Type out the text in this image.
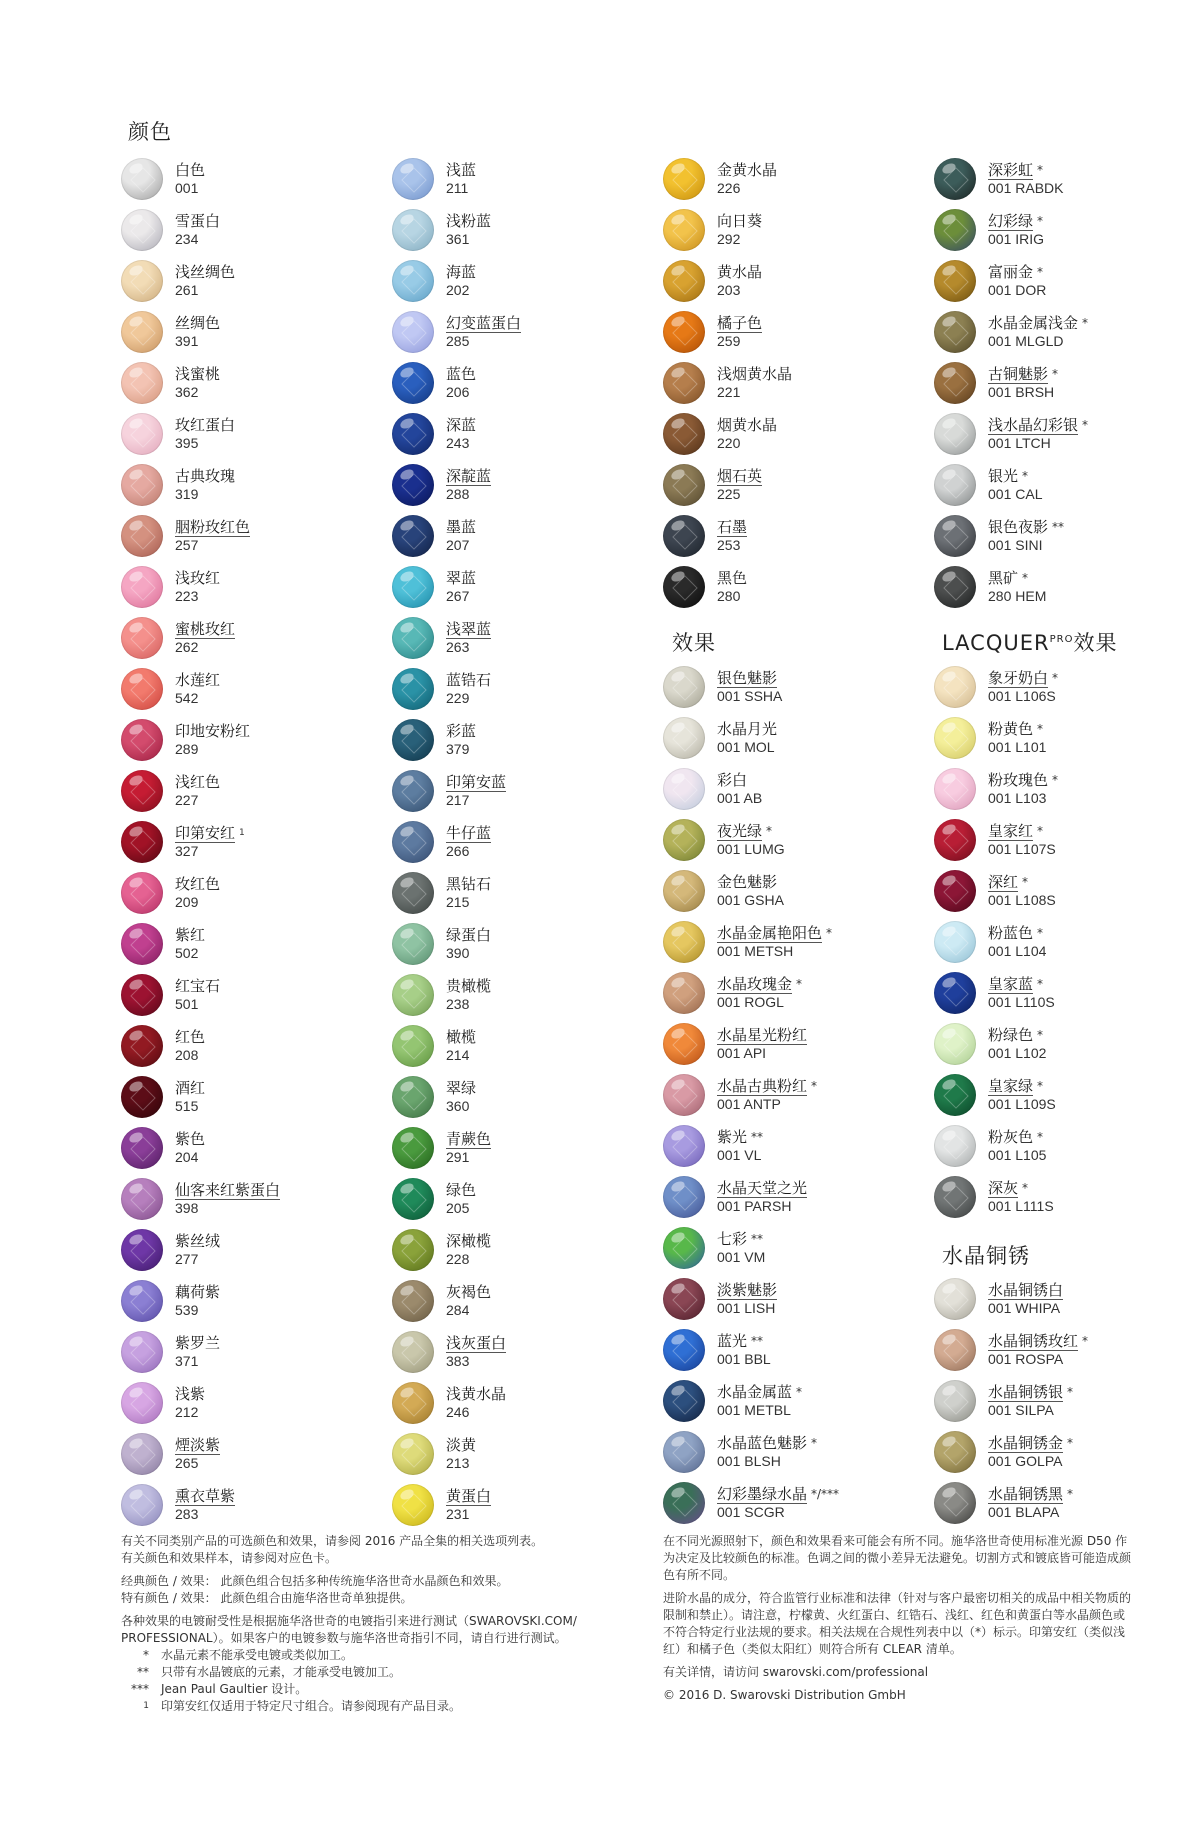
颜色
效果	$LACQUER^{PRO}$效果
水晶铜锈
白色
001
雪蛋白
234
浅丝绸色
261
丝绸色
391
浅蜜桃
362
玫红蛋白
395
古典玫瑰
319
胭粉玫红色
257
浅玫红
223
蜜桃玫红
262
水莲红
542
印地安粉红
289
浅红色
227
印第安红 $^1$
327
玫红色
209
紫红
502
红宝石
501
红色
208
酒红
515
紫色
204
仙客来红紫蛋白
398
紫丝绒
277
藕荷紫
539
紫罗兰
371
浅紫
212
煙淡紫
265
熏衣草紫
283
浅蓝
211
浅粉蓝
361
海蓝
202
幻变蓝蛋白
285
蓝色
206
深蓝
243
深靛蓝
288
墨蓝
207
翠蓝
267
浅翠蓝
263
蓝锆石
229
彩蓝
379
印第安蓝
217
牛仔蓝
266
黑钻石
215
绿蛋白
390
贵橄榄
238
橄榄
214
翠绿
360
青蕨色
291
绿色
205
深橄榄
228
灰褐色
284
浅灰蛋白
383
浅黄水晶
246
淡黄
213
黄蛋白
231
金黄水晶
226
向日葵
292
黄水晶
203
橘子色
259
浅烟黄水晶
221
烟黄水晶
220
烟石英
225
石墨
253
黑色
280
银色魅影
001 SSHA
水晶月光
001 MOL
彩白
001 AB
夜光绿 *
001 LUMG
金色魅影
001 GSHA
水晶金属艳阳色 *
001 METSH
水晶玫瑰金 *
001 ROGL
水晶星光粉红
001 API
水晶古典粉红 *
001 ANTP
紫光 **
001 VL
水晶天堂之光
001 PARSH
七彩 **
001 VM
淡紫魅影
001 LISH
蓝光 **
001 BBL
水晶金属蓝 *
001 METBL
水晶蓝色魅影 *
001 BLSH
幻彩墨绿水晶 */***
001 SCGR
深彩虹 *
001 RABDK
幻彩绿 *
001 IRIG
富丽金 *
001 DOR
水晶金属浅金 *
001 MLGLD
古铜魅影 *
001 BRSH
浅水晶幻彩银 *
001 LTCH
银光 *
001 CAL
银色夜影 **
001 SINI
黑矿 *
280 HEM
象牙奶白 *
001 L106S
粉黄色 *
001 L101
粉玫瑰色 *
001 L103
皇家红 *
001 L107S
深红 *
001 L108S
粉蓝色 *
001 L104
皇家蓝 *
001 L110S
粉绿色 *
001 L102
皇家绿 *
001 L109S
粉灰色 *
001 L105
深灰 *
001 L111S
水晶铜锈白
001 WHIPA
水晶铜锈玫红 *
001 ROSPA
水晶铜锈银 *
001 SILPA
水晶铜锈金 *
001 GOLPA
水晶铜锈黑 *
001 BLAPA

有关不同类别产品的可选颜色和效果，请参阅 2016 产品全集的相关选项列表。

有关颜色和效果样本，请参阅对应色卡。

经典颜色 / 效果： 此颜色组合包括多种传统施华洛世奇水晶颜色和效果。

特有颜色 / 效果： 此颜色组合由施华洛世奇单独提供。

各种效果的电镀耐受性是根据施华洛世奇的电镀指引来进行测试（SWAROVSKI.COM/

PROFESSIONAL）。如果客户的电镀参数与施华洛世奇指引不同，请自行进行测试。

* 水晶元素不能承受电镀或类似加工。
** 只带有水晶镀底的元素，才能承受电镀加工。
*** Jean Paul Gaultier 设计。
1 印第安红仅适用于特定尺寸组合。请参阅现有产品目录。

在不同光源照射下，颜色和效果看来可能会有所不同。施华洛世奇使用标准光源 D50 作

为决定及比较颜色的标准。色调之间的微小差异无法避免。切割方式和镀底皆可能造成颜

色有所不同。

进阶水晶的成分，符合监管行业标准和法律（针对与客户最密切相关的成品中相关物质的

限制和禁止）。请注意，柠檬黄、火红蛋白、红锆石、浅红、红色和黄蛋白等水晶颜色或

不符合特定行业法规的要求。相关法规在合规性列表中以（*）标示。印第安红（类似浅

红）和橘子色（类似太阳红）则符合所有 CLEAR 清单。

有关详情，请访问 swarovski.com/professional

© 2016 D. Swarovski Distribution GmbH
